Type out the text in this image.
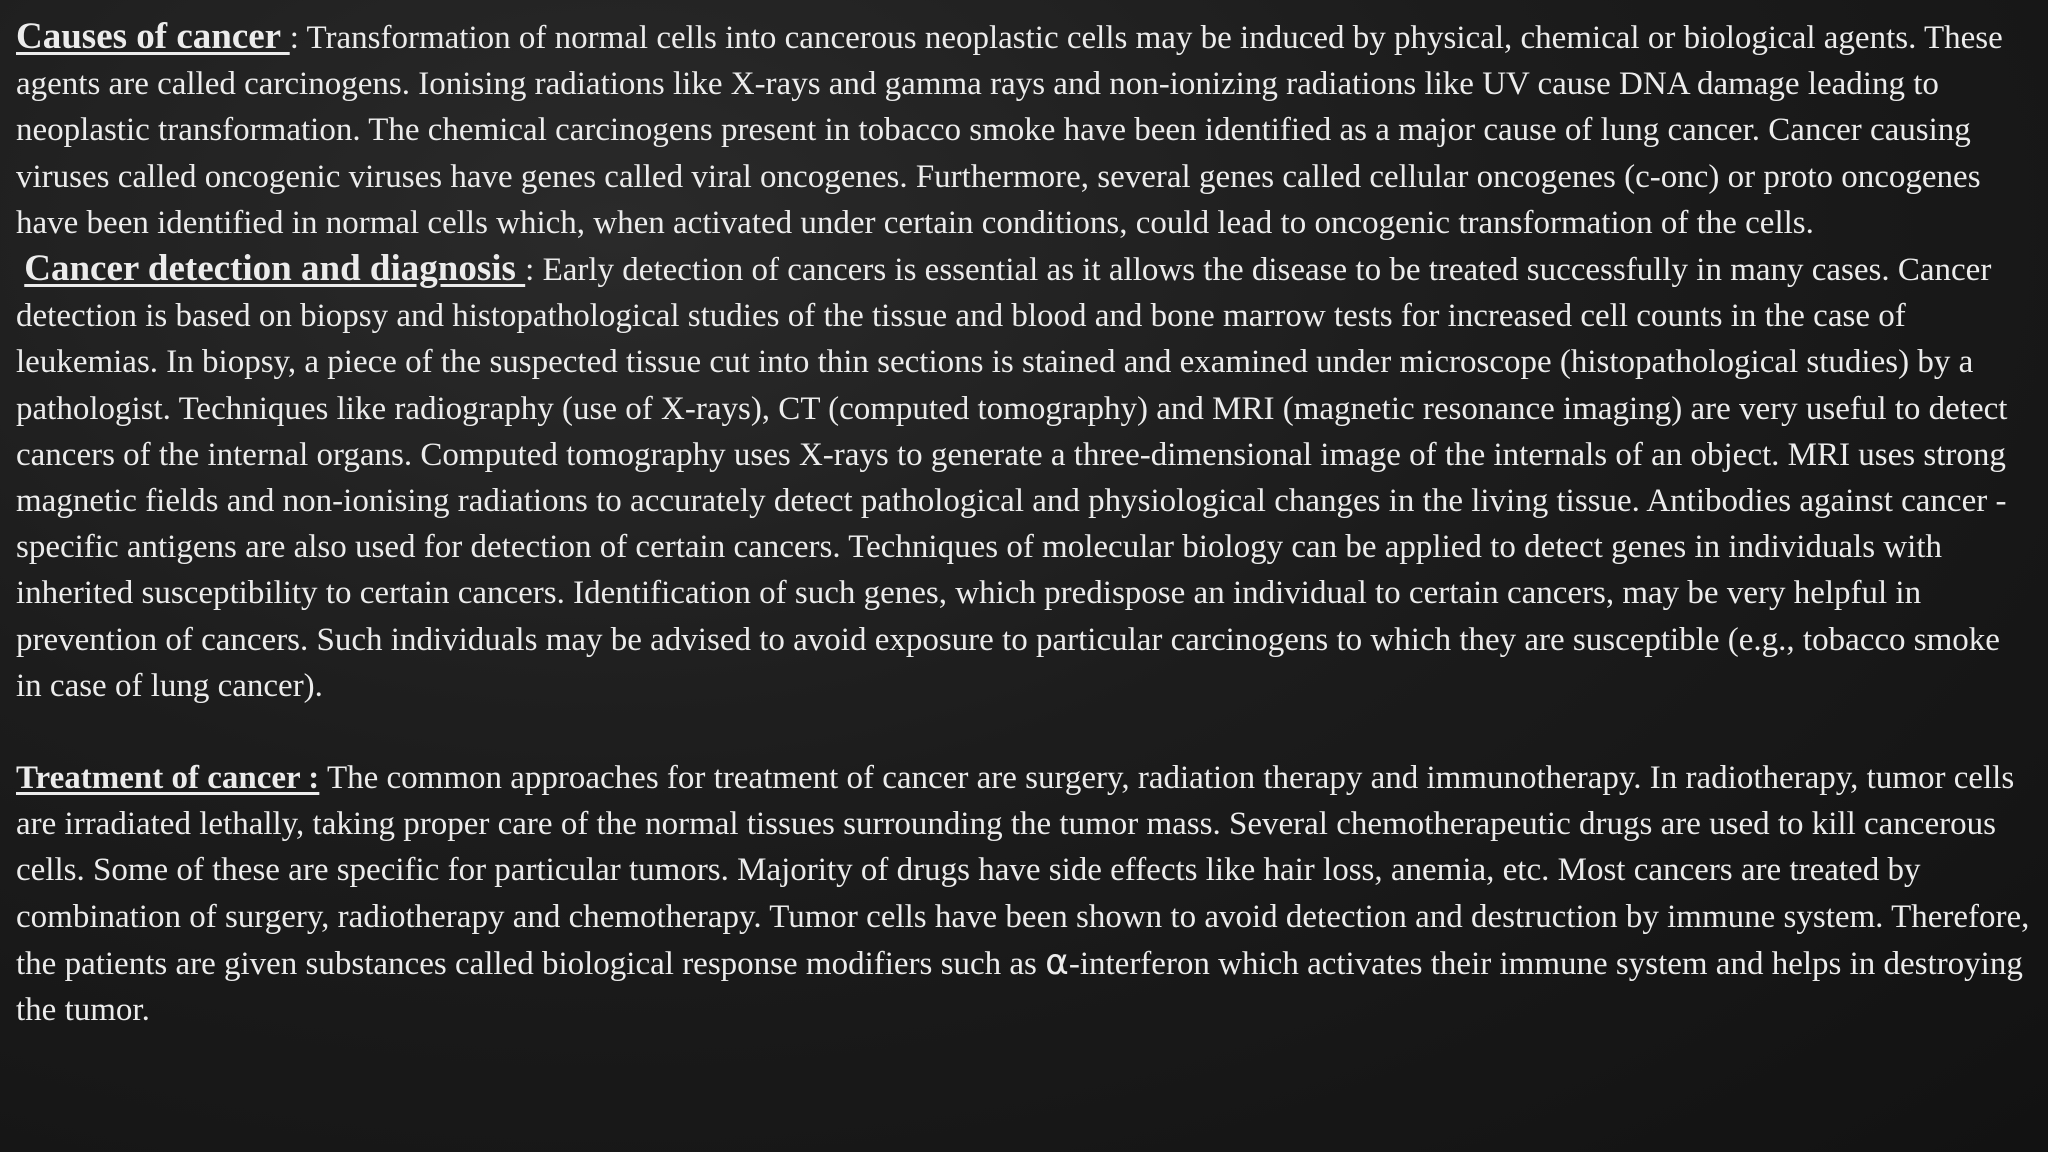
Causes of cancer : Transformation of normal cells into cancerous neoplastic cells may be induced by physical, chemical or biological agents. These agents are called carcinogens. Ionising radiations like X-rays and gamma rays and non-ionizing radiations like UV cause DNA damage leading to neoplastic transformation. The chemical carcinogens present in tobacco smoke have been identified as a major cause of lung cancer. Cancer causing viruses called oncogenic viruses have genes called viral oncogenes. Furthermore, several genes called cellular oncogenes (c-onc) or proto oncogenes have been identified in normal cells which, when activated under certain conditions, could lead to oncogenic transformation of the cells.

Cancer detection and diagnosis : Early detection of cancers is essential as it allows the disease to be treated successfully in many cases. Cancer detection is based on biopsy and histopathological studies of the tissue and blood and bone marrow tests for increased cell counts in the case of leukemias. In biopsy, a piece of the suspected tissue cut into thin sections is stained and examined under microscope (histopathological studies) by a pathologist. Techniques like radiography (use of X-rays), CT (computed tomography) and MRI (magnetic resonance imaging) are very useful to detect cancers of the internal organs. Computed tomography uses X-rays to generate a three-dimensional image of the internals of an object. MRI uses strong magnetic fields and non-ionising radiations to accurately detect pathological and physiological changes in the living tissue. Antibodies against cancer -specific antigens are also used for detection of certain cancers. Techniques of molecular biology can be applied to detect genes in individuals with inherited susceptibility to certain cancers. Identification of such genes, which predispose an individual to certain cancers, may be very helpful in prevention of cancers. Such individuals may be advised to avoid exposure to particular carcinogens to which they are susceptible (e.g., tobacco smoke in case of lung cancer).

Treatment of cancer : The common approaches for treatment of cancer are surgery, radiation therapy and immunotherapy. In radiotherapy, tumor cells are irradiated lethally, taking proper care of the normal tissues surrounding the tumor mass. Several chemotherapeutic drugs are used to kill cancerous cells. Some of these are specific for particular tumors. Majority of drugs have side effects like hair loss, anemia, etc. Most cancers are treated by combination of surgery, radiotherapy and chemotherapy. Tumor cells have been shown to avoid detection and destruction by immune system. Therefore, the patients are given substances called biological response modifiers such as α-interferon which activates their immune system and helps in destroying the tumor.
